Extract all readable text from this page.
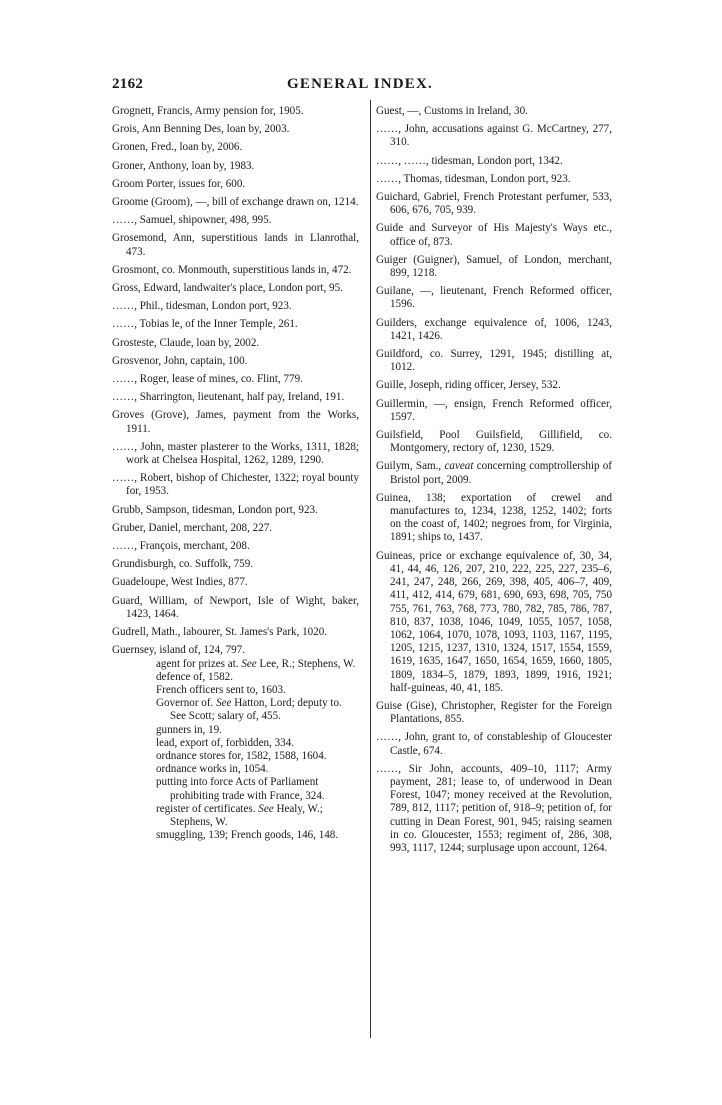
2162	GENERAL INDEX.
Grognett, Francis, Army pension for, 1905.
Grois, Ann Benning Des, loan by, 2003.
Gronen, Fred., loan by, 2006.
Groner, Anthony, loan by, 1983.
Groom Porter, issues for, 600.
Groome (Groom), —, bill of exchange drawn on, 1214.
……, Samuel, shipowner, 498, 995.
Grosemond, Ann, superstitious lands in Llanrothal, 473.
Grosmont, co. Monmouth, superstitious lands in, 472.
Gross, Edward, landwaiter's place, London port, 95.
……, Phil., tidesman, London port, 923.
……, Tobias le, of the Inner Temple, 261.
Grosteste, Claude, loan by, 2002.
Grosvenor, John, captain, 100.
……, Roger, lease of mines, co. Flint, 779.
……, Sharrington, lieutenant, half pay, Ireland, 191.
Groves (Grove), James, payment from the Works, 1911.
……, John, master plasterer to the Works, 1311, 1828; work at Chelsea Hospital, 1262, 1289, 1290.
……, Robert, bishop of Chichester, 1322; royal bounty for, 1953.
Grubb, Sampson, tidesman, London port, 923.
Gruber, Daniel, merchant, 208, 227.
……, François, merchant, 208.
Grundisburgh, co. Suffolk, 759.
Guadeloupe, West Indies, 877.
Guard, William, of Newport, Isle of Wight, baker, 1423, 1464.
Gudrell, Math., labourer, St. James's Park, 1020.
Guernsey, island of, 124, 797.
agent for prizes at. See Lee, R.; Stephens, W.
defence of, 1582.
French officers sent to, 1603.
Governor of. See Hatton, Lord; deputy to. See Scott; salary of, 455.
gunners in, 19.
lead, export of, forbidden, 334.
ordnance stores for, 1582, 1588, 1604.
ordnance works in, 1054.
putting into force Acts of Parliament prohibiting trade with France, 324.
register of certificates. See Healy, W.; Stephens, W.
smuggling, 139; French goods, 146, 148.
Guest, —, Customs in Ireland, 30.
……, John, accusations against G. McCartney, 277, 310.
……, ……, tidesman, London port, 1342.
……, Thomas, tidesman, London port, 923.
Guichard, Gabriel, French Protestant perfumer, 533, 606, 676, 705, 939.
Guide and Surveyor of His Majesty's Ways etc., office of, 873.
Guiger (Guigner), Samuel, of London, merchant, 899, 1218.
Guilane, —, lieutenant, French Reformed officer, 1596.
Guilders, exchange equivalence of, 1006, 1243, 1421, 1426.
Guildford, co. Surrey, 1291, 1945; distilling at, 1012.
Guille, Joseph, riding officer, Jersey, 532.
Guillermin, —, ensign, French Reformed officer, 1597.
Guilsfield, Pool Guilsfield, Gillifield, co. Montgomery, rectory of, 1230, 1529.
Guilym, Sam., caveat concerning comptrollership of Bristol port, 2009.
Guinea, 138; exportation of crewel and manufactures to, 1234, 1238, 1252, 1402; forts on the coast of, 1402; negroes from, for Virginia, 1891; ships to, 1437.
Guineas, price or exchange equivalence of, 30, 34, 41, 44, 46, 126, 207, 210, 222, 225, 227, 235–6, 241, 247, 248, 266, 269, 398, 405, 406–7, 409, 411, 412, 414, 679, 681, 690, 693, 698, 705, 750 755, 761, 763, 768, 773, 780, 782, 785, 786, 787, 810, 837, 1038, 1046, 1049, 1055, 1057, 1058, 1062, 1064, 1070, 1078, 1093, 1103, 1167, 1195, 1205, 1215, 1237, 1310, 1324, 1517, 1554, 1559, 1619, 1635, 1647, 1650, 1654, 1659, 1660, 1805, 1809, 1834–5, 1879, 1893, 1899, 1916, 1921; half-guineas, 40, 41, 185.
Guise (Gise), Christopher, Register for the Foreign Plantations, 855.
……, John, grant to, of constableship of Gloucester Castle, 674.
……, Sir John, accounts, 409–10, 1117; Army payment, 281; lease to, of underwood in Dean Forest, 1047; money received at the Revolution, 789, 812, 1117; petition of, 918–9; petition of, for cutting in Dean Forest, 901, 945; raising seamen in co. Gloucester, 1553; regiment of, 286, 308, 993, 1117, 1244; surplusage upon account, 1264.
